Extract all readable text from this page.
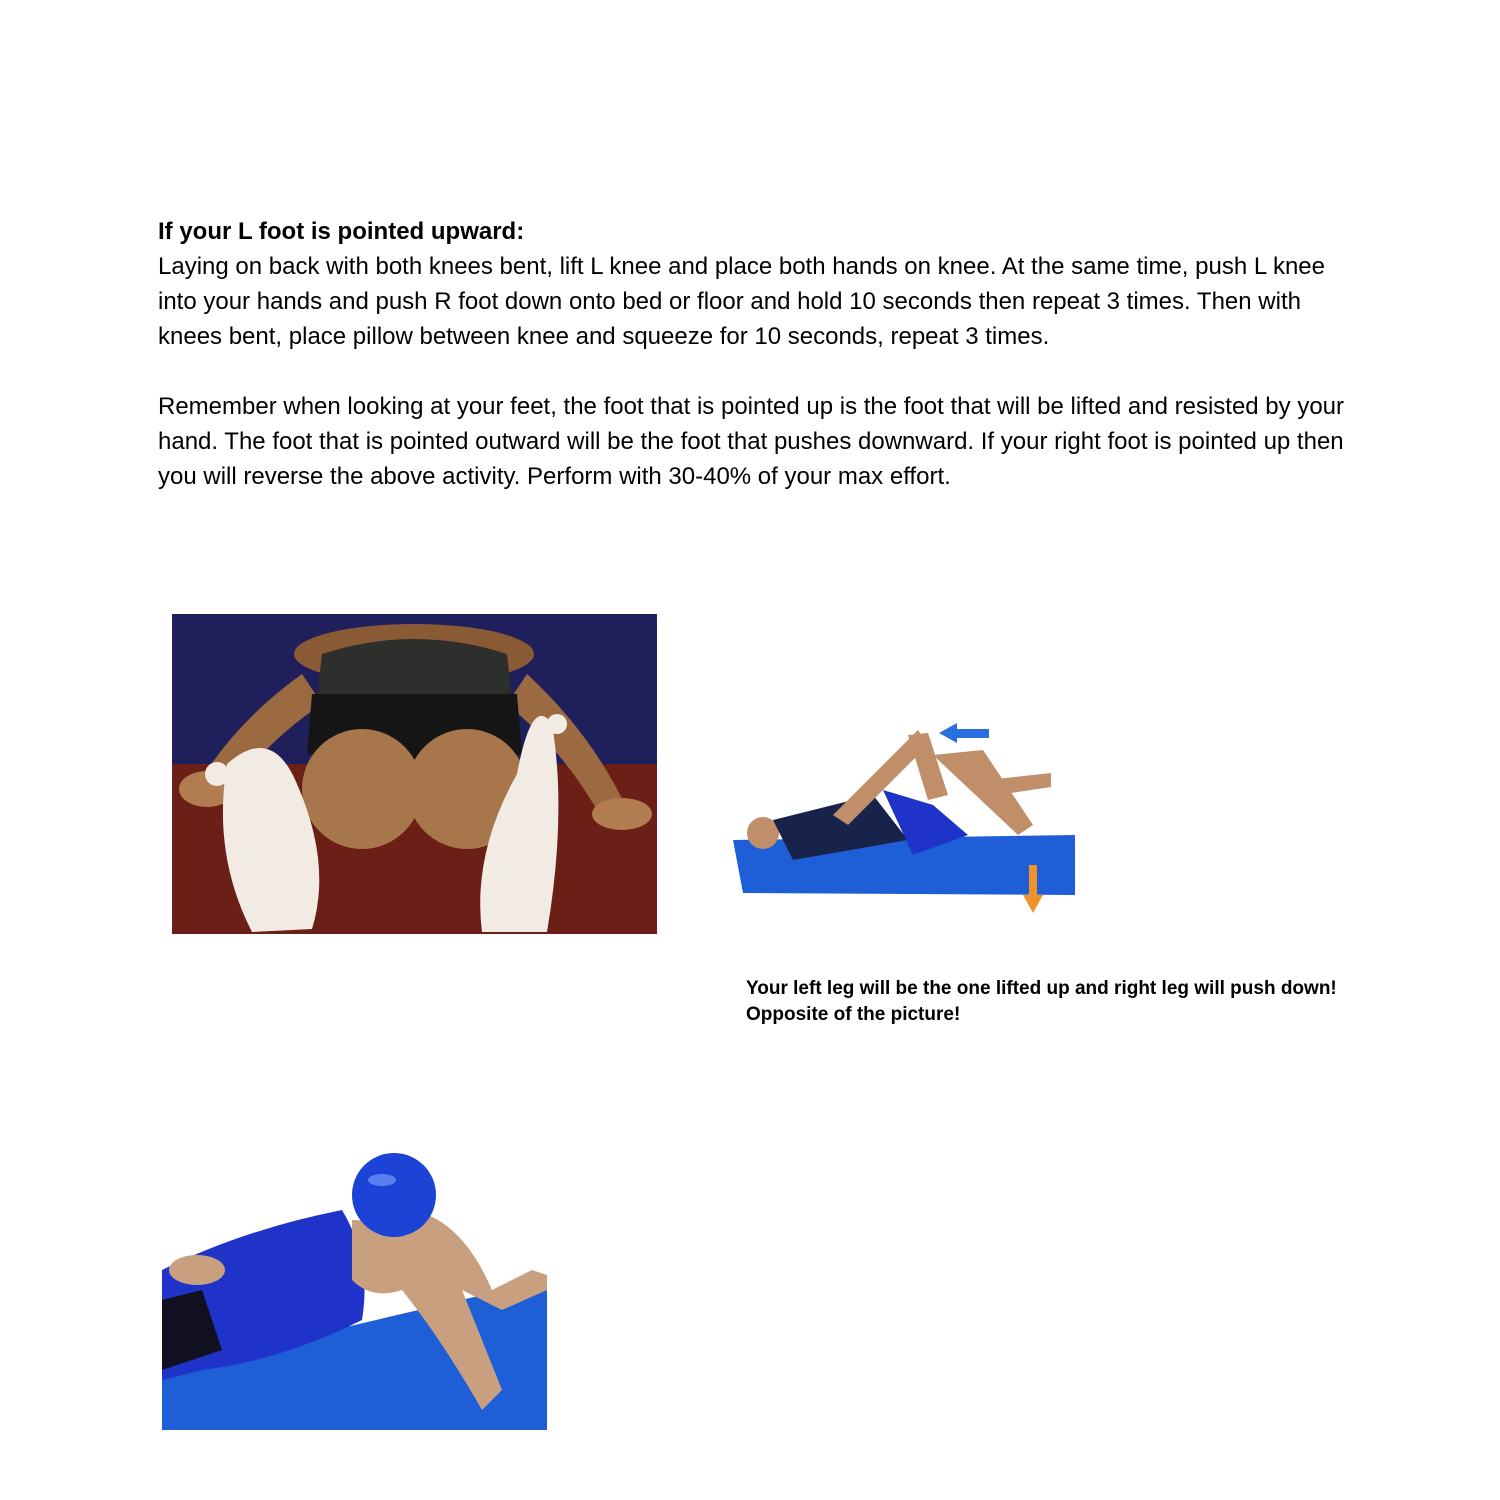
If your L foot is pointed upward:

Laying on back with both knees bent, lift L knee and place both hands on knee. At the same time, push L knee into your hands and push R foot down onto bed or floor and hold 10 seconds then repeat 3 times. Then with knees bent, place pillow between knee and squeeze for 10 seconds, repeat 3 times.

Remember when looking at your feet, the foot that is pointed up is the foot that will be lifted and resisted by your hand. The foot that is pointed outward will be the foot that pushes downward. If your right foot is pointed up then you will reverse the above activity. Perform with 30-40% of your max effort.

Your left leg will be the one lifted up and right leg will push down!

Opposite of the picture!
